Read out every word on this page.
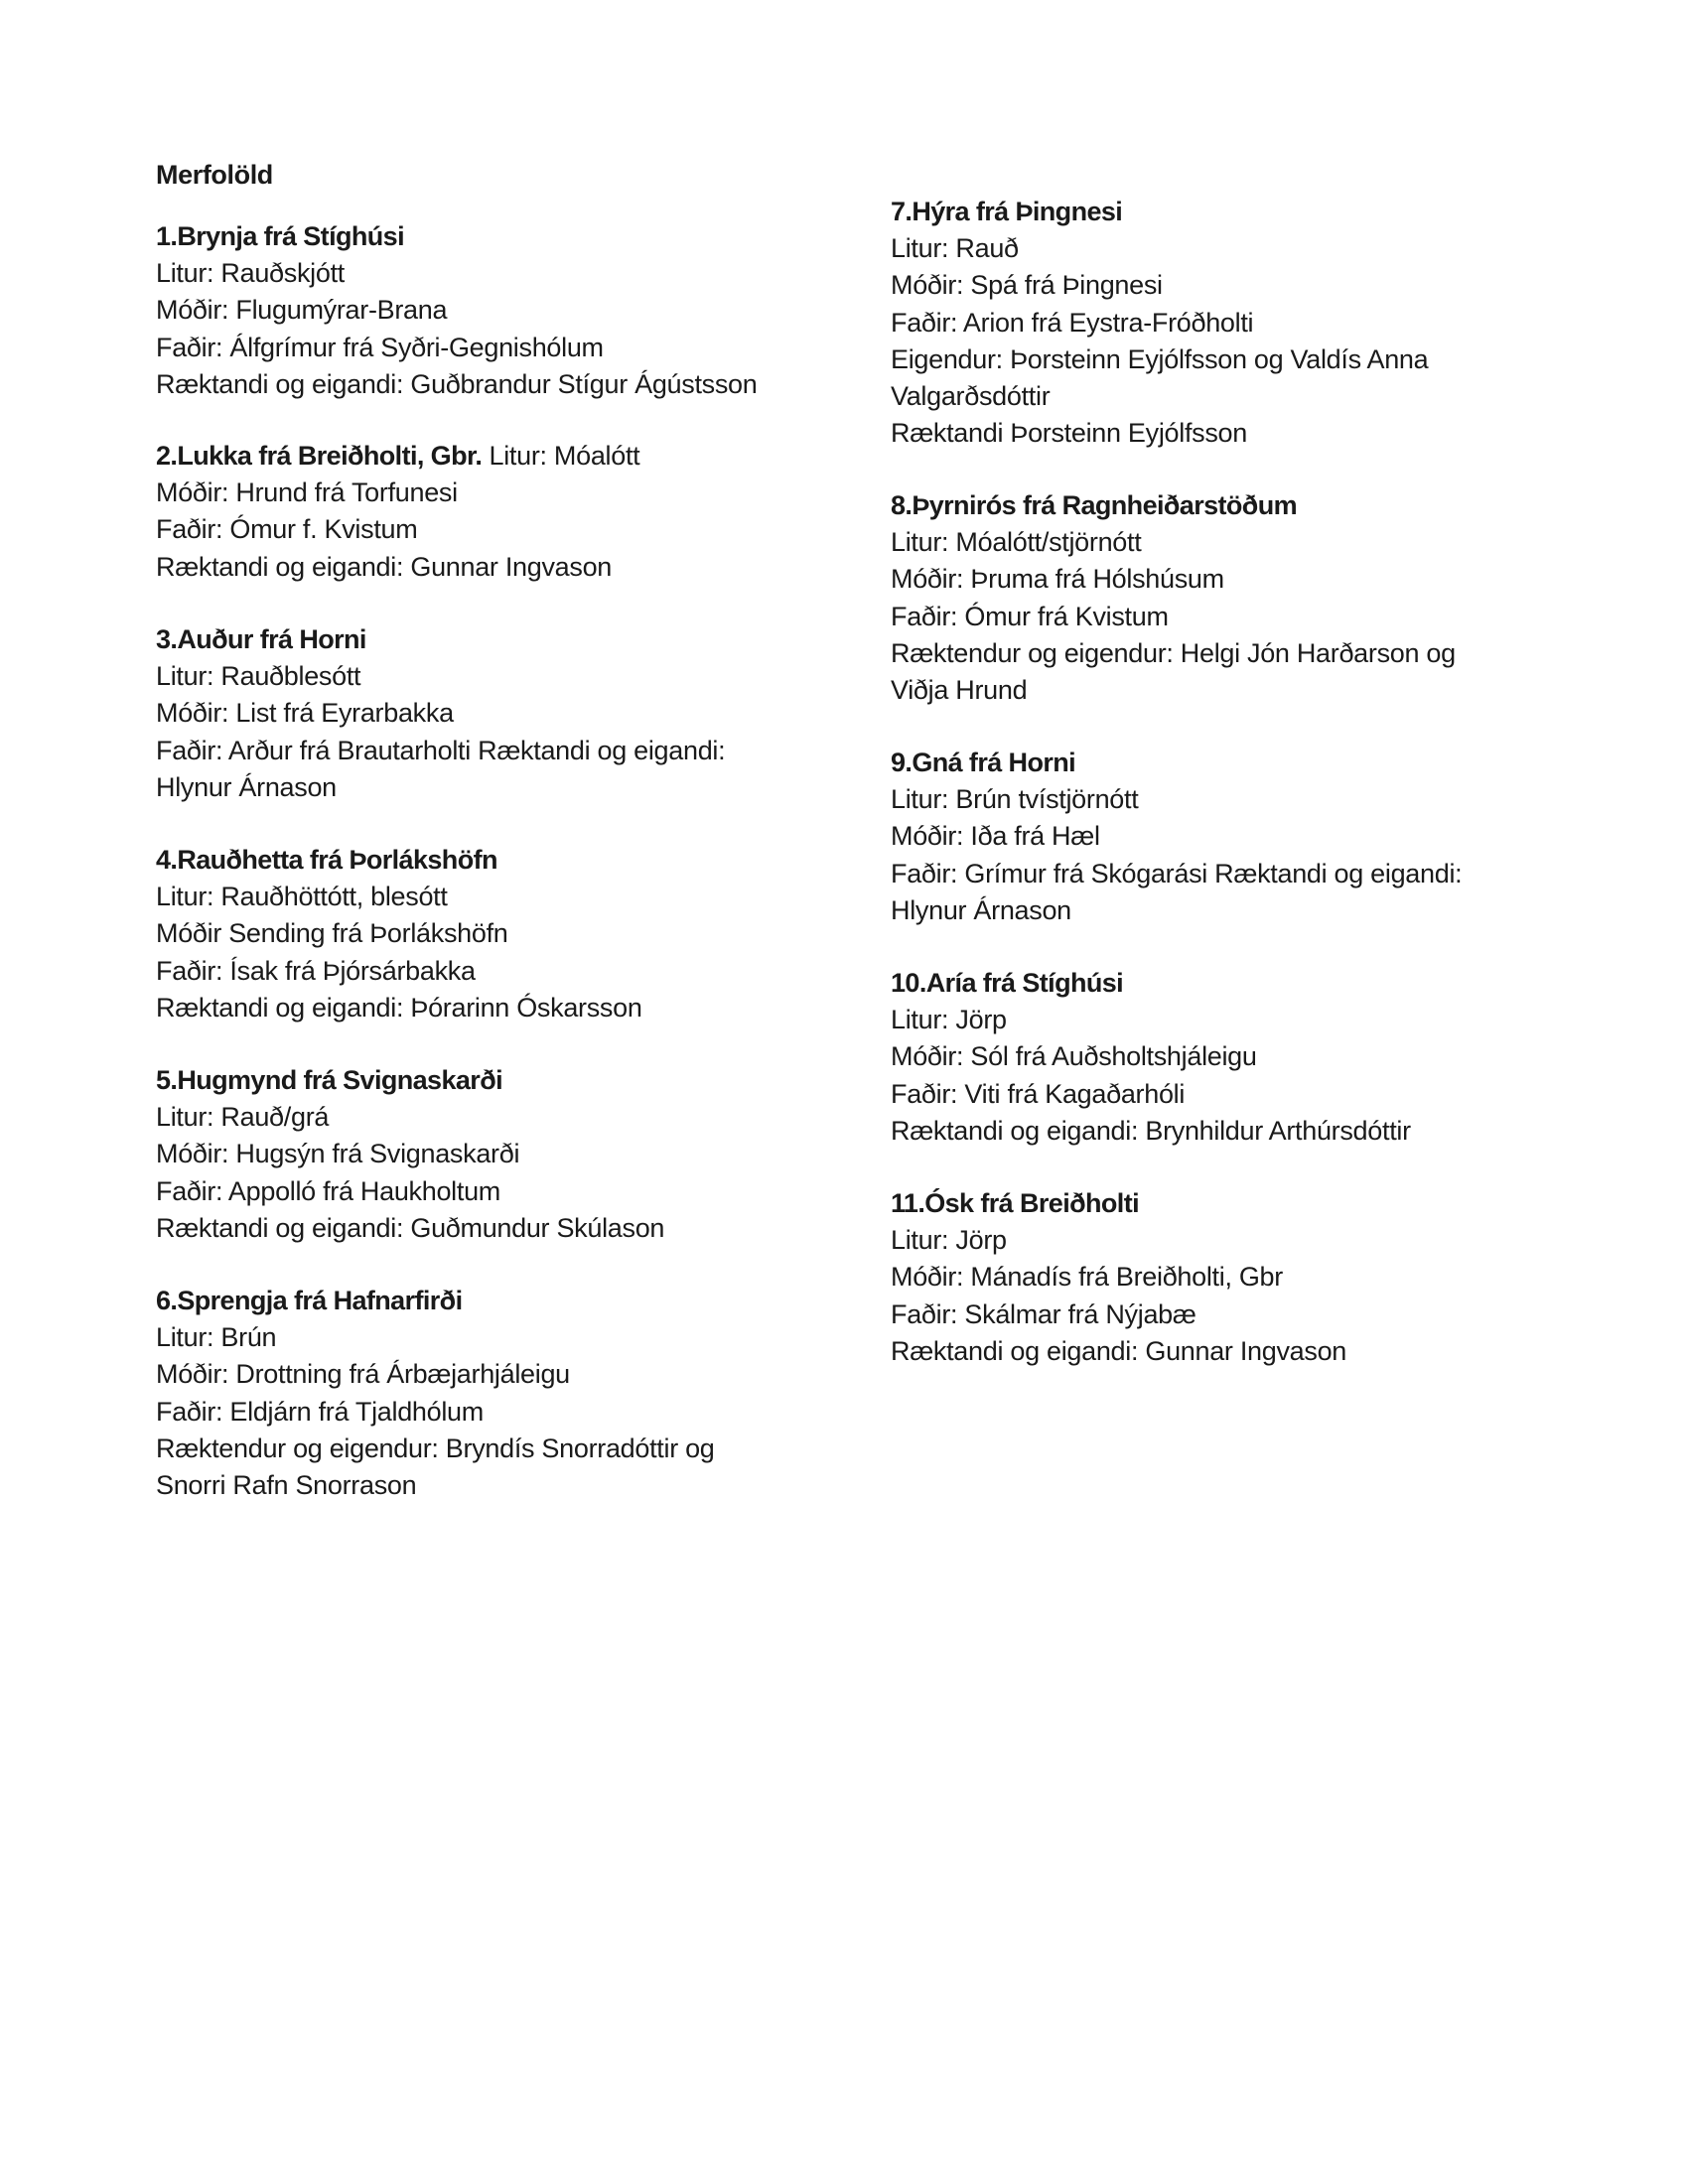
Merfolöld
1.Brynja frá Stíghúsi
Litur: Rauðskjótt
Móðir: Flugumýrar-Brana
Faðir: Álfgrímur frá Syðri-Gegnishólum
Ræktandi og eigandi: Guðbrandur Stígur Ágústsson
2.Lukka frá Breiðholti, Gbr. Litur: Móalótt
Móðir: Hrund frá Torfunesi
Faðir: Ómur f. Kvistum
Ræktandi og eigandi: Gunnar Ingvason
3.Auður frá Horni
Litur: Rauðblesótt
Móðir: List frá Eyrarbakka
Faðir: Arður frá Brautarholti Ræktandi og eigandi:
Hlynur Árnason
4.Rauðhetta frá Þorlákshöfn
Litur: Rauðhöttótt, blesótt
Móðir Sending frá Þorlákshöfn
Faðir: Ísak frá Þjórsárbakka
Ræktandi og eigandi: Þórarinn Óskarsson
5.Hugmynd frá Svignaskarði
Litur: Rauð/grá
Móðir: Hugsýn frá Svignaskarði
Faðir: Appolló frá Haukholtum
Ræktandi og eigandi: Guðmundur Skúlason
6.Sprengja frá Hafnarfirði
Litur: Brún
Móðir: Drottning frá Árbæjarhjáleigu
Faðir: Eldjárn frá Tjaldhólum
Ræktendur og eigendur: Bryndís Snorradóttir og
Snorri Rafn Snorrason
7.Hýra frá Þingnesi
Litur: Rauð
Móðir: Spá frá Þingnesi
Faðir: Arion frá Eystra-Fróðholti
Eigendur: Þorsteinn Eyjólfsson og Valdís Anna
Valgarðsdóttir
Ræktandi Þorsteinn Eyjólfsson
8.Þyrnirós frá Ragnheiðarstöðum
Litur: Móalótt/stjörnótt
Móðir: Þruma frá Hólshúsum
Faðir: Ómur frá Kvistum
Ræktendur og eigendur: Helgi Jón Harðarson og
Viðja Hrund
9.Gná frá Horni
Litur: Brún tvístjörnótt
Móðir: Iða frá Hæl
Faðir: Grímur frá Skógarási Ræktandi og eigandi:
Hlynur Árnason
10.Aría frá Stíghúsi
Litur: Jörp
Móðir: Sól frá Auðsholtshjáleigu
Faðir: Viti frá Kagaðarhóli
Ræktandi og eigandi: Brynhildur Arthúrsdóttir
11.Ósk frá Breiðholti
Litur: Jörp
Móðir: Mánadís frá Breiðholti, Gbr
Faðir: Skálmar frá Nýjabæ
Ræktandi og eigandi: Gunnar Ingvason
